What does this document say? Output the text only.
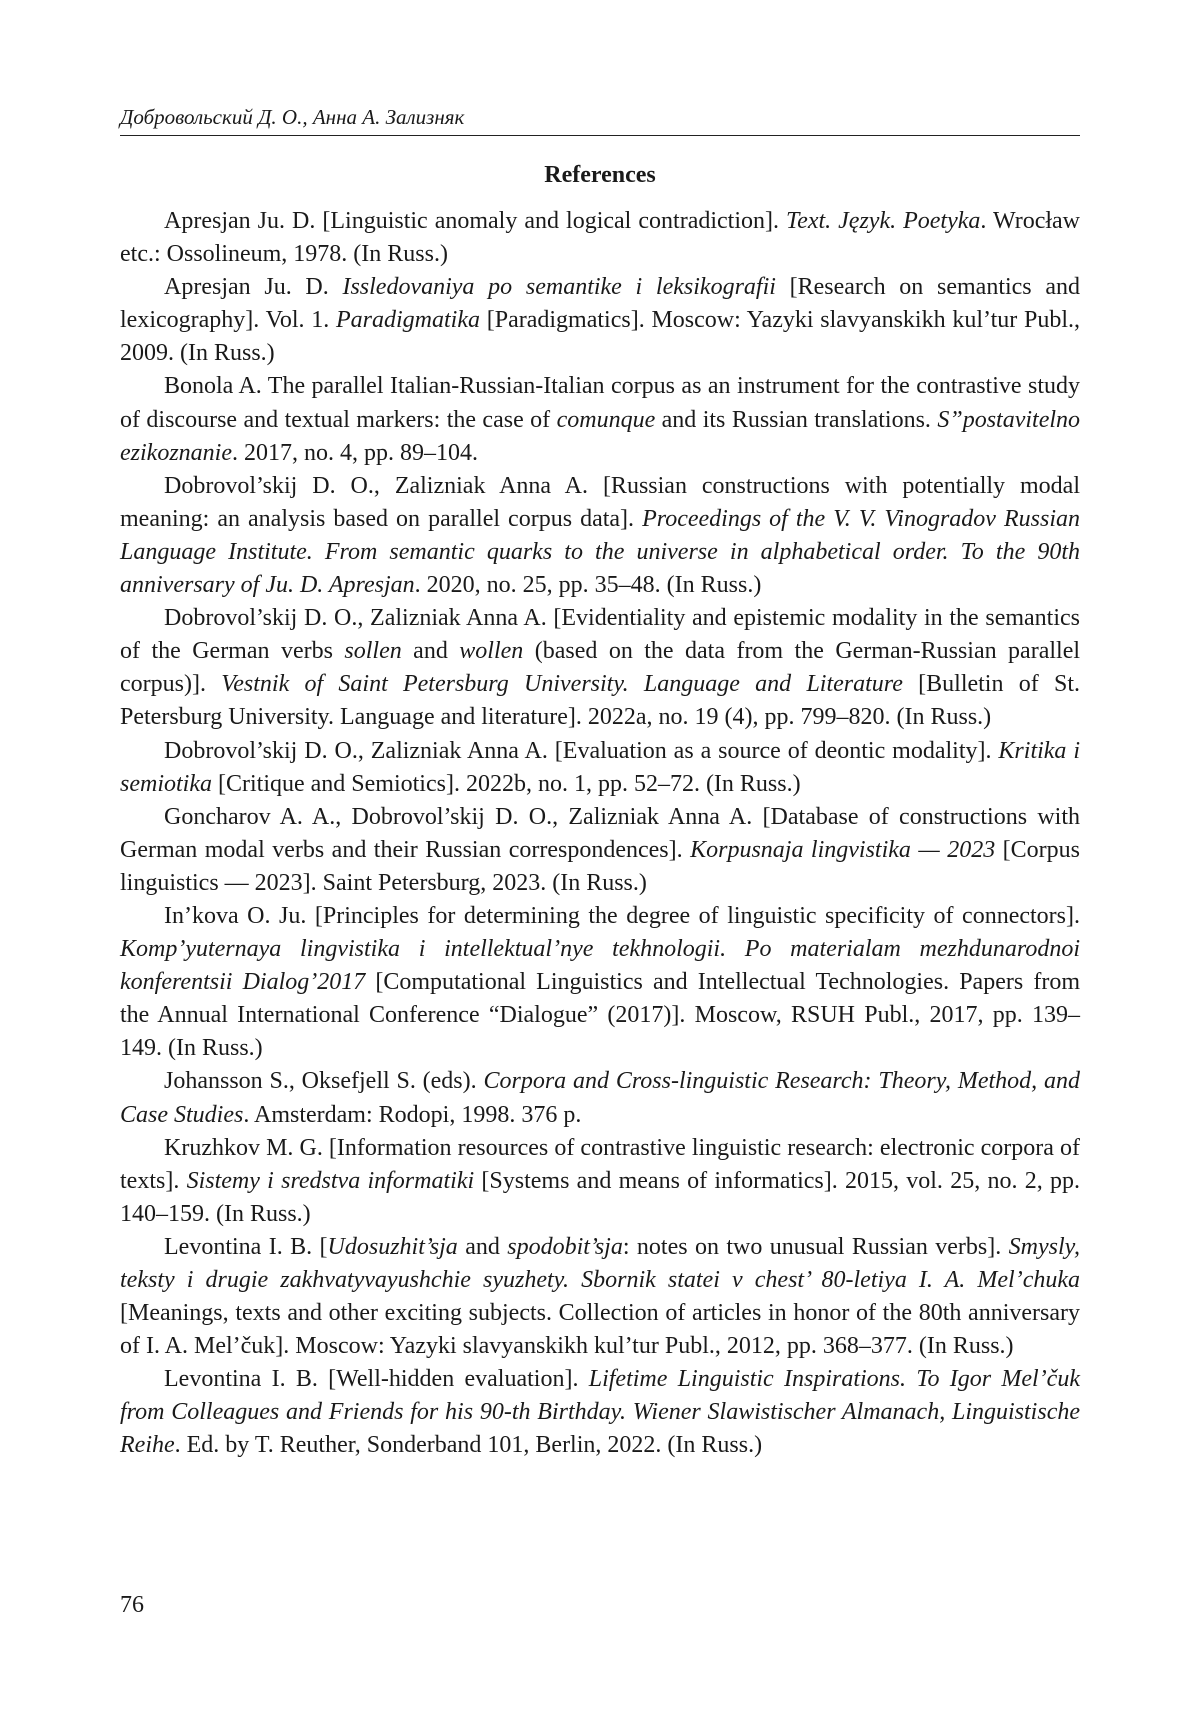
Добровольский Д. О., Анна А. Зализняк
References

Apresjan Ju. D. [Linguistic anomaly and logical contradiction]. Text. Język. Poetyka. Wrocław etc.: Ossolineum, 1978. (In Russ.)

Apresjan Ju. D. Issledovaniya po semantike i leksikografii [Research on semantics and lexicography]. Vol. 1. Paradigmatika [Paradigmatics]. Moscow: Yazyki slavyanskikh kul’tur Publ., 2009. (In Russ.)

Bonola A. The parallel Italian-Russian-Italian corpus as an instrument for the contrastive study of discourse and textual markers: the case of comunque and its Russian translations. S”postavitelno ezikoznanie. 2017, no. 4, pp. 89–104.

Dobrovol’skij D. O., Zalizniak Anna A. [Russian constructions with potentially modal meaning: an analysis based on parallel corpus data]. Proceedings of the V. V. Vinogradov Russian Language Institute. From semantic quarks to the universe in alphabetical order. To the 90th anniversary of Ju. D. Apresjan. 2020, no. 25, pp. 35–48. (In Russ.)

Dobrovol’skij D. O., Zalizniak Anna A. [Evidentiality and epistemic modality in the semantics of the German verbs sollen and wollen (based on the data from the German-Russian parallel corpus)]. Vestnik of Saint Petersburg University. Language and Literature [Bulletin of St. Petersburg University. Language and literature]. 2022a, no. 19 (4), pp. 799–820. (In Russ.)

Dobrovol’skij D. O., Zalizniak Anna A. [Evaluation as a source of deontic modality]. Kritika i semiotika [Critique and Semiotics]. 2022b, no. 1, pp. 52–72. (In Russ.)

Goncharov A. A., Dobrovol’skij D. O., Zalizniak Anna A. [Database of constructions with German modal verbs and their Russian correspondences]. Korpusnaja lingvistika — 2023 [Corpus linguistics — 2023]. Saint Petersburg, 2023. (In Russ.)

In’kova O. Ju. [Principles for determining the degree of linguistic specificity of connectors]. Komp’yuternaya lingvistika i intellektual’nye tekhnologii. Po materialam mezhdunarodnoi konferentsii Dialog’2017 [Computational Linguistics and Intellectual Technologies. Papers from the Annual International Conference “Dialogue” (2017)]. Moscow, RSUH Publ., 2017, pp. 139–149. (In Russ.)

Johansson S., Oksefjell S. (eds). Corpora and Cross-linguistic Research: Theory, Method, and Case Studies. Amsterdam: Rodopi, 1998. 376 p.

Kruzhkov M. G. [Information resources of contrastive linguistic research: electronic corpora of texts]. Sistemy i sredstva informatiki [Systems and means of informatics]. 2015, vol. 25, no. 2, pp. 140–159. (In Russ.)

Levontina I. B. [Udosuzhit’sja and spodobit’sja: notes on two unusual Russian verbs]. Smysly, teksty i drugie zakhvatyvayushchie syuzhety. Sbornik statei v chest’ 80-letiya I. A. Mel’chuka [Meanings, texts and other exciting subjects. Collection of articles in honor of the 80th anniversary of I. A. Mel’čuk]. Moscow: Yazyki slavyanskikh kul’tur Publ., 2012, pp. 368–377. (In Russ.)

Levontina I. B. [Well-hidden evaluation]. Lifetime Linguistic Inspirations. To Igor Mel’čuk from Colleagues and Friends for his 90-th Birthday. Wiener Slawistischer Almanach, Linguistische Reihe. Ed. by T. Reuther, Sonderband 101, Berlin, 2022. (In Russ.)

76
